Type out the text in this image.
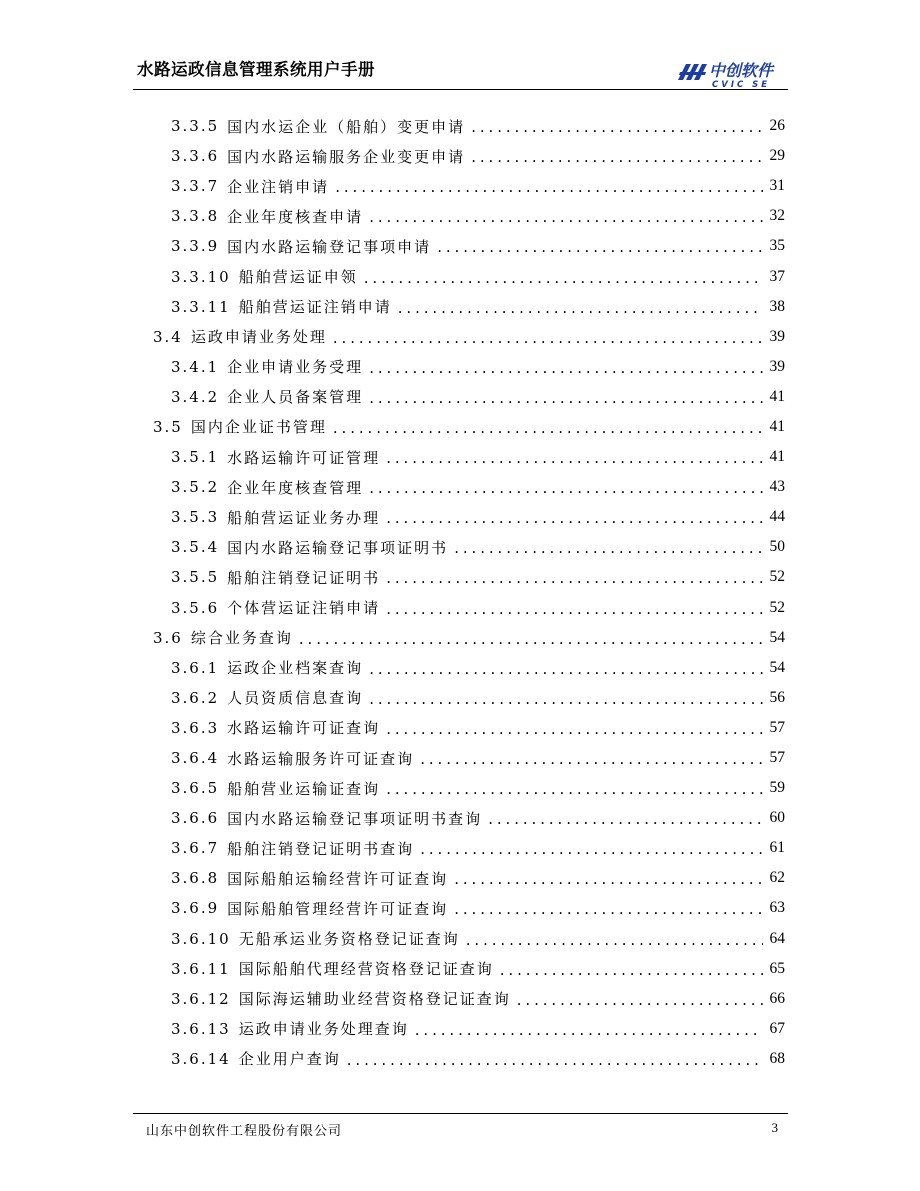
水路运政信息管理系统用户手册	中创软件
CVIC SE
3.3.5 国内水运企业（船舶）变更申请 .....	26
3.3.6 国内水路运输服务企业变更申请 .....	29
3.3.7 企业注销申请 .....	31
3.3.8 企业年度核查申请 .....	32
3.3.9 国内水路运输登记事项申请 .....	35
3.3.10 船舶营运证申领 .....	37
3.3.11 船舶营运证注销申请 .....	38
3.4 运政申请业务处理 .....	39
3.4.1 企业申请业务受理 .....	39
3.4.2 企业人员备案管理 .....	41
3.5 国内企业证书管理 .....	41
3.5.1 水路运输许可证管理 .....	41
3.5.2 企业年度核查管理 .....	43
3.5.3 船舶营运证业务办理 .....	44
3.5.4 国内水路运输登记事项证明书 .....	50
3.5.5 船舶注销登记证明书 .....	52
3.5.6 个体营运证注销申请 .....	52
3.6 综合业务查询 .....	54
3.6.1 运政企业档案查询 .....	54
3.6.2 人员资质信息查询 .....	56
3.6.3 水路运输许可证查询 .....	57
3.6.4 水路运输服务许可证查询 .....	57
3.6.5 船舶营业运输证查询 .....	59
3.6.6 国内水路运输登记事项证明书查询 .....	60
3.6.7 船舶注销登记证明书查询 .....	61
3.6.8 国际船舶运输经营许可证查询 .....	62
3.6.9 国际船舶管理经营许可证查询 .....	63
3.6.10 无船承运业务资格登记证查询 .....	64
3.6.11 国际船舶代理经营资格登记证查询 .....	65
3.6.12 国际海运辅助业经营资格登记证查询 .....	66
3.6.13 运政申请业务处理查询 .....	67
3.6.14 企业用户查询 .....	68
山东中创软件工程股份有限公司	3
